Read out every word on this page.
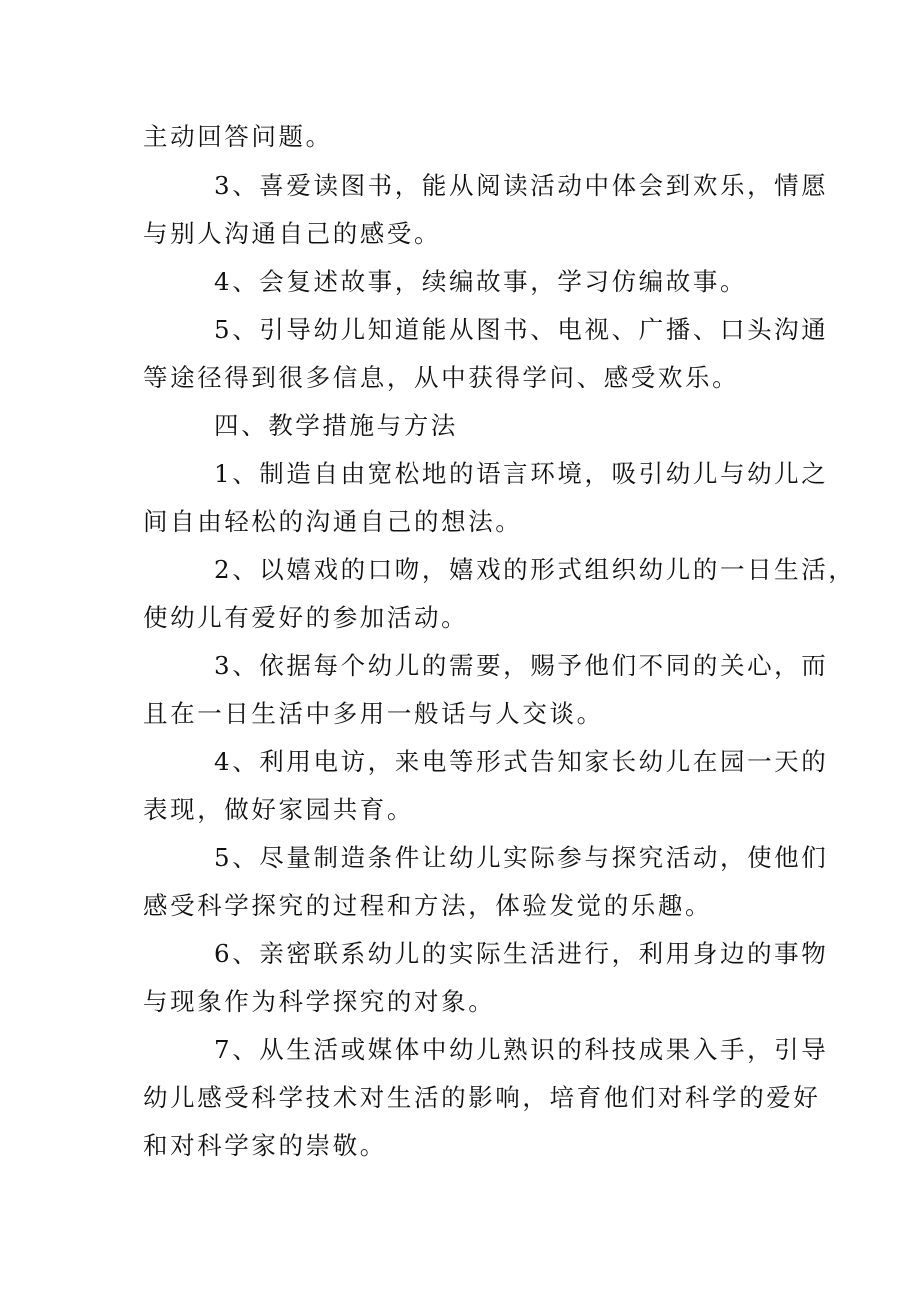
主动回答问题。
3、喜爱读图书，能从阅读活动中体会到欢乐，情愿
与别人沟通自己的感受。
4、会复述故事，续编故事，学习仿编故事。
5、引导幼儿知道能从图书、电视、广播、口头沟通
等途径得到很多信息，从中获得学问、感受欢乐。
四、教学措施与方法
1、制造自由宽松地的语言环境，吸引幼儿与幼儿之
间自由轻松的沟通自己的想法。
2、以嬉戏的口吻，嬉戏的形式组织幼儿的一日生活，
使幼儿有爱好的参加活动。
3、依据每个幼儿的需要，赐予他们不同的关心，而
且在一日生活中多用一般话与人交谈。
4、利用电访，来电等形式告知家长幼儿在园一天的
表现，做好家园共育。
5、尽量制造条件让幼儿实际参与探究活动，使他们
感受科学探究的过程和方法，体验发觉的乐趣。
6、亲密联系幼儿的实际生活进行，利用身边的事物
与现象作为科学探究的对象。
7、从生活或媒体中幼儿熟识的科技成果入手，引导
幼儿感受科学技术对生活的影响，培育他们对科学的爱好
和对科学家的崇敬。
